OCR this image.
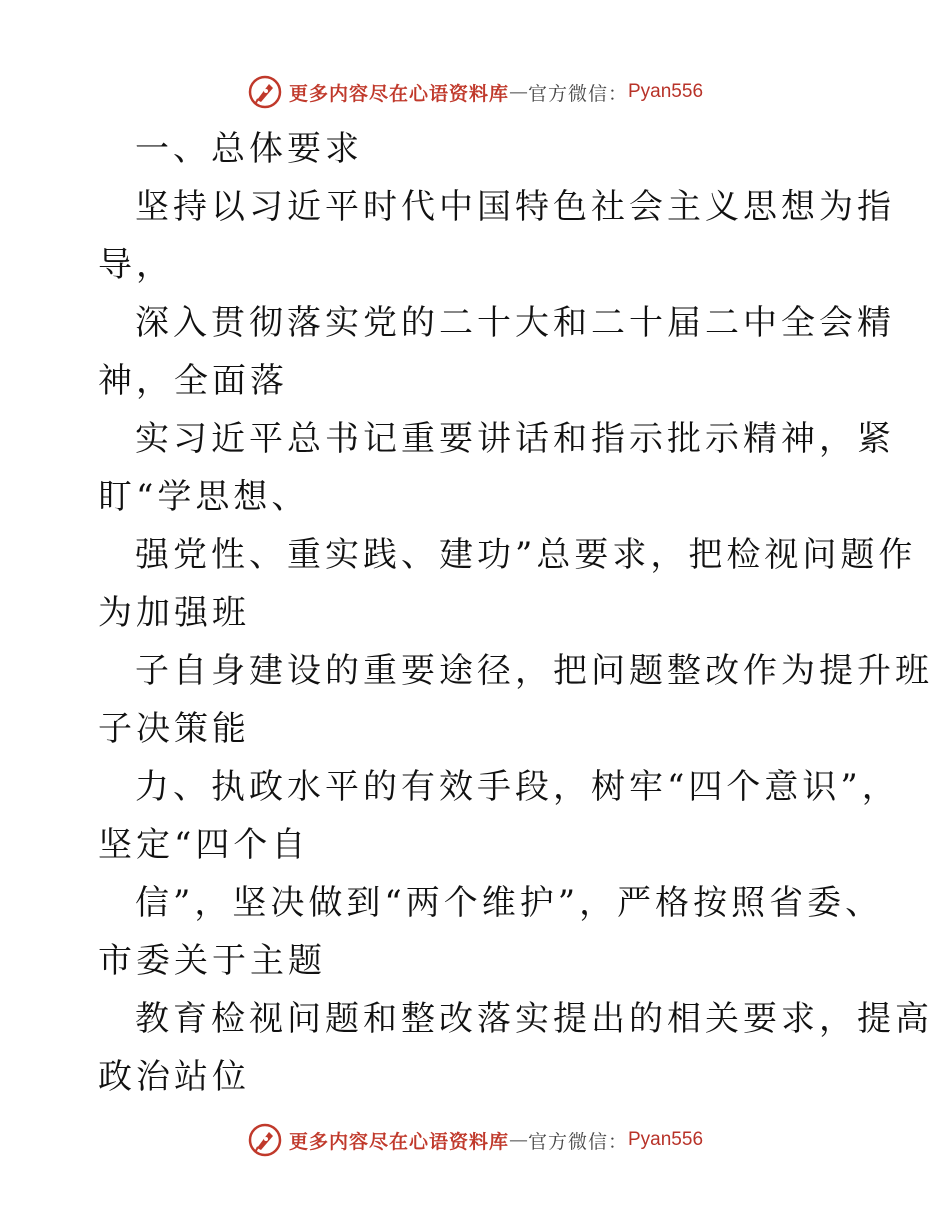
更多内容尽在心语资料库 — 官方微信： Pyan556
一、总体要求
坚持以习近平时代中国特色社会主义思想为指
导，
深入贯彻落实党的二十大和二十届二中全会精
神，全面落
实习近平总书记重要讲话和指示批示精神，紧
盯“学思想、
强党性、重实践、建功”总要求，把检视问题作
为加强班
子自身建设的重要途径，把问题整改作为提升班
子决策能
力、执政水平的有效手段，树牢“四个意识”，
坚定“四个自
信”，坚决做到“两个维护”，严格按照省委、
市委关于主题
教育检视问题和整改落实提出的相关要求，提高
政治站位
更多内容尽在心语资料库 — 官方微信： Pyan556
